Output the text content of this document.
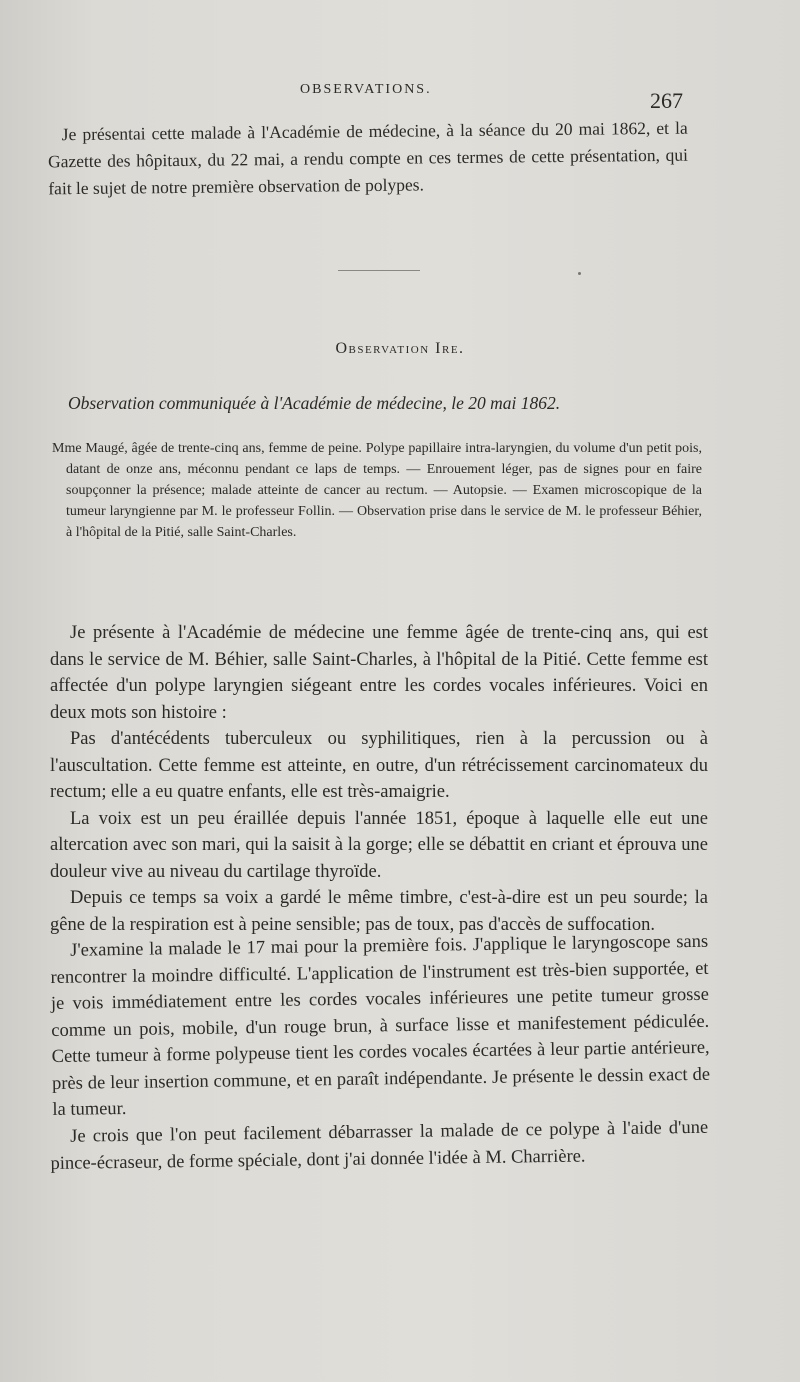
OBSERVATIONS.	267

Je présentai cette malade à l'Académie de médecine, à la séance du 20 mai 1862, et la Gazette des hôpitaux, du 22 mai, a rendu compte en ces termes de cette présentation, qui fait le sujet de notre première observation de polypes.

Observation Ire.
Observation communiquée à l'Académie de médecine, le 20 mai 1862.

Mme Maugé, âgée de trente-cinq ans, femme de peine. Polype papillaire intra-laryngien, du volume d'un petit pois, datant de onze ans, méconnu pendant ce laps de temps. — Enrouement léger, pas de signes pour en faire soupçonner la présence; malade atteinte de cancer au rectum. — Autopsie. — Examen microscopique de la tumeur laryngienne par M. le professeur Follin. — Observation prise dans le service de M. le professeur Béhier, à l'hôpital de la Pitié, salle Saint-Charles.

Je présente à l'Académie de médecine une femme âgée de trente-cinq ans, qui est dans le service de M. Béhier, salle Saint-Charles, à l'hôpital de la Pitié. Cette femme est affectée d'un polype laryngien siégeant entre les cordes vocales inférieures. Voici en deux mots son histoire :

Pas d'antécédents tuberculeux ou syphilitiques, rien à la percussion ou à l'auscultation. Cette femme est atteinte, en outre, d'un rétrécissement carcinomateux du rectum; elle a eu quatre enfants, elle est très-amaigrie.

La voix est un peu éraillée depuis l'année 1851, époque à laquelle elle eut une altercation avec son mari, qui la saisit à la gorge; elle se débattit en criant et éprouva une douleur vive au niveau du cartilage thyroïde.

Depuis ce temps sa voix a gardé le même timbre, c'est-à-dire est un peu sourde; la gêne de la respiration est à peine sensible; pas de toux, pas d'accès de suffocation.

J'examine la malade le 17 mai pour la première fois. J'applique le laryngoscope sans rencontrer la moindre difficulté. L'application de l'instrument est très-bien supportée, et je vois immédiatement entre les cordes vocales inférieures une petite tumeur grosse comme un pois, mobile, d'un rouge brun, à surface lisse et manifestement pédiculée. Cette tumeur à forme polypeuse tient les cordes vocales écartées à leur partie antérieure, près de leur insertion commune, et en paraît indépendante. Je présente le dessin exact de la tumeur.

Je crois que l'on peut facilement débarrasser la malade de ce polype à l'aide d'une pince-écraseur, de forme spéciale, dont j'ai donnée l'idée à M. Charrière.
